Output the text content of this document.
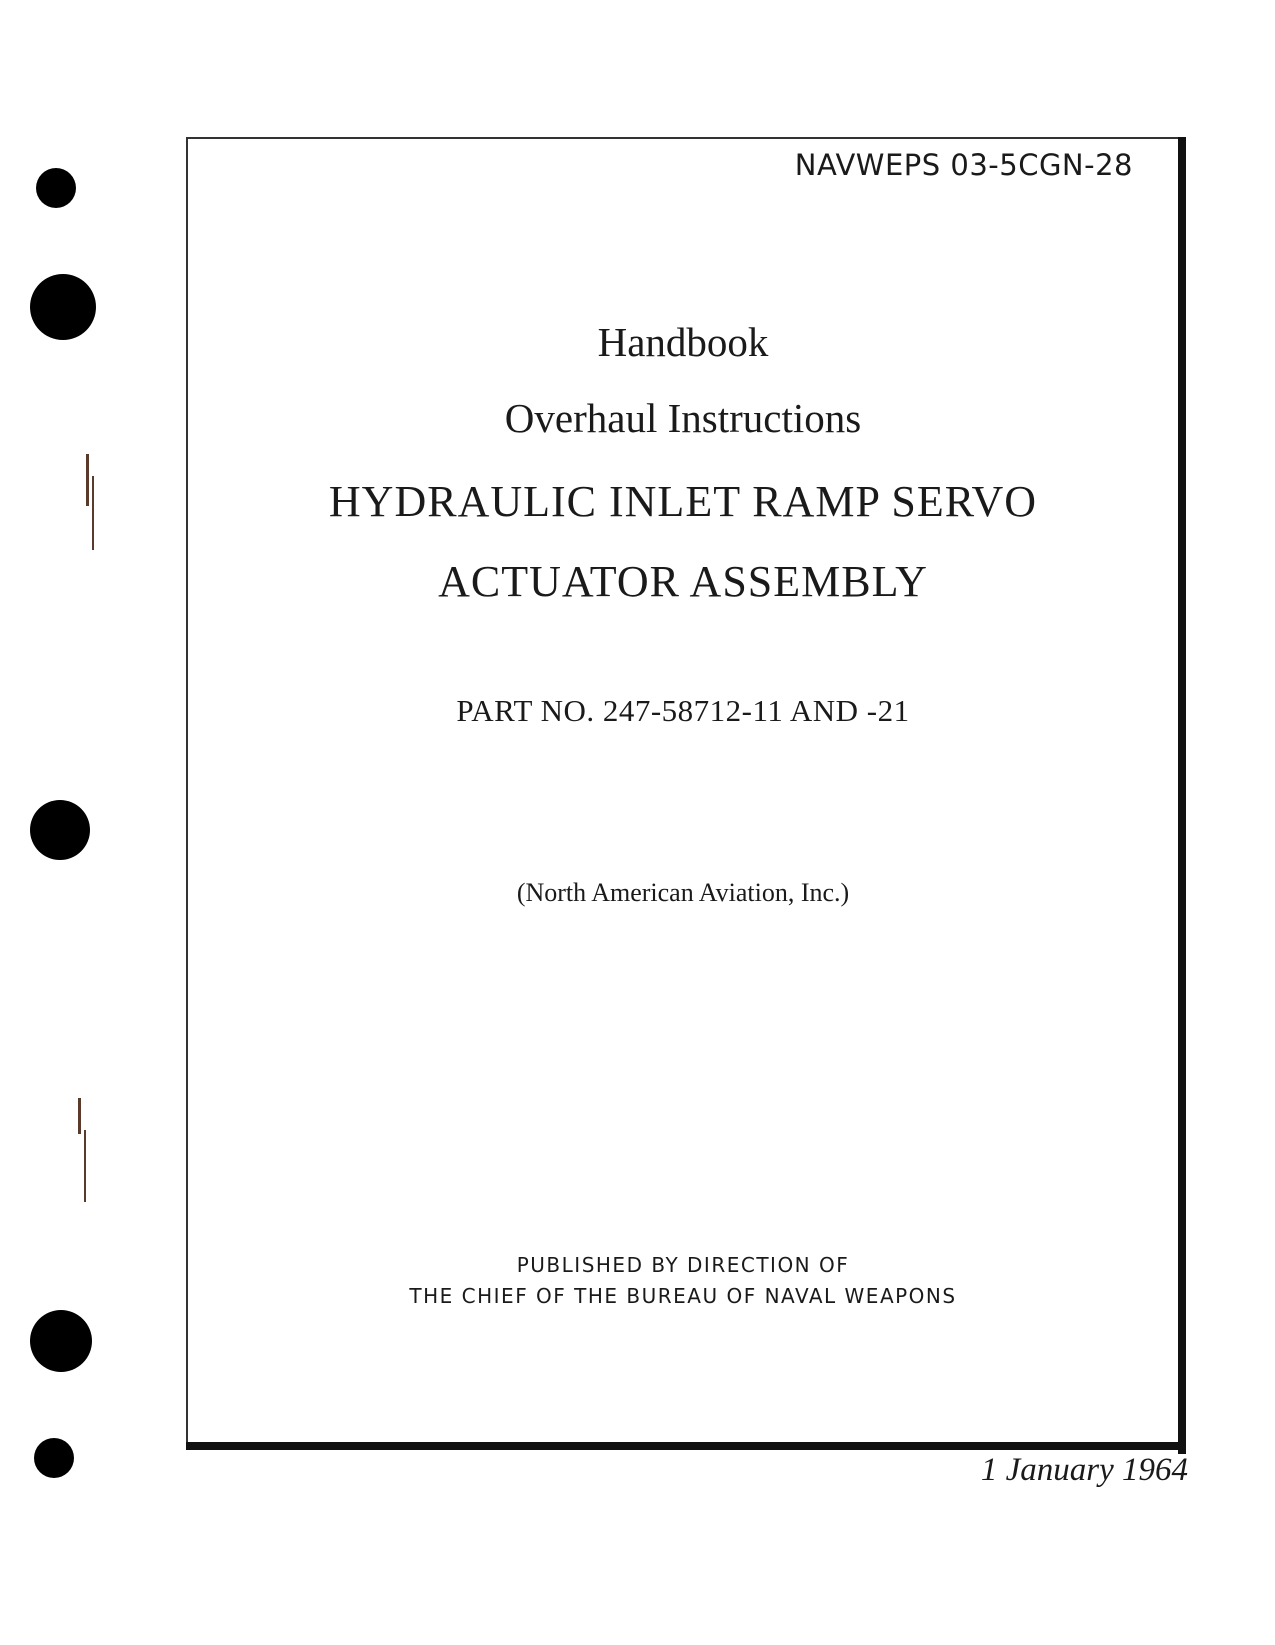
NAVWEPS 03-5CGN-28
Handbook
Overhaul Instructions
HYDRAULIC INLET RAMP SERVO
ACTUATOR ASSEMBLY
PART NO. 247-58712-11 AND -21
(North American Aviation, Inc.)
PUBLISHED BY DIRECTION OF
THE CHIEF OF THE BUREAU OF NAVAL WEAPONS
1 January 1964
